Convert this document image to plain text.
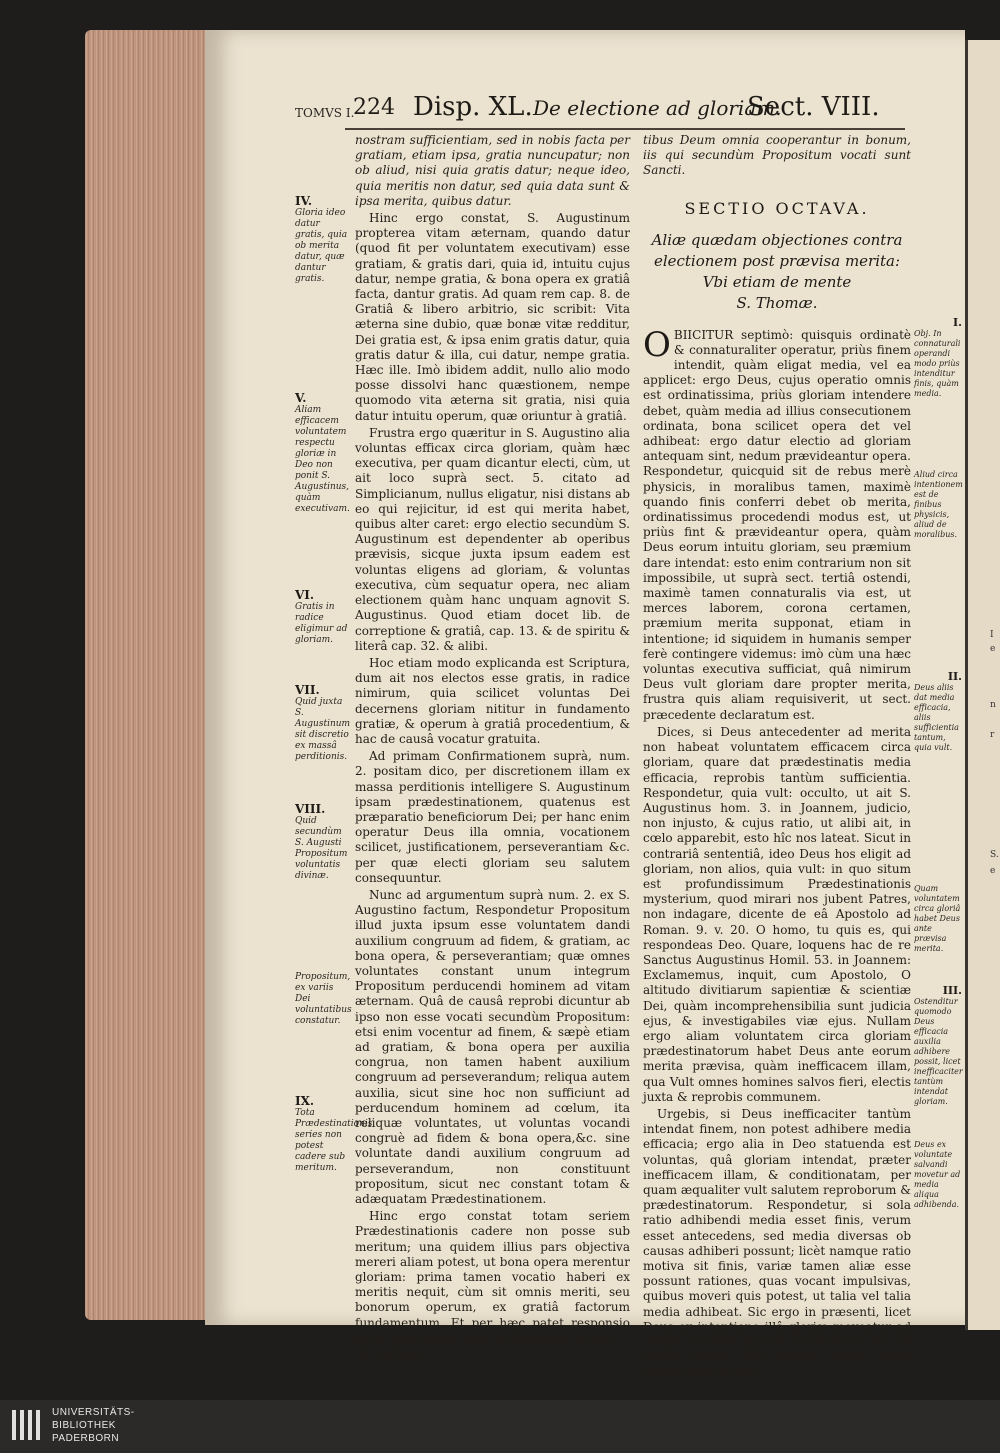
I
e
n
r
S.
e
TOMVS I.
224 Disp. XL. De electione ad gloriam.
Sect. VIII.
IV.
Gloria ideo datur gratis, quia ob merita datur, quæ dantur gratis.
V.
Aliam efficacem voluntatem respectu gloriæ in Deo non ponit S. Augustinus, quàm executivam.
VI.
Gratis in radice eligimur ad gloriam.
VII.
Quid juxta S. Augustinum sit discretio ex massâ perditionis.
VIII.
Quid secundùm S. Augusti Propositum voluntatis divinæ.
Propositum, ex variis Dei voluntatibus constatur.
IX.
Tota Prædestinationis series non potest cadere sub meritum.

nostram sufficientiam, sed in nobis facta per gratiam, etiam ipsa, gratia nuncupatur; non ob aliud, nisi quia gratis datur; neque ideo, quia meritis non datur, sed quia data sunt & ipsa merita, quibus datur.

Hinc ergo constat, S. Augustinum propterea vitam æternam, quando datur (quod fit per voluntatem executivam) esse gratiam, & gratis dari, quia id, intuitu cujus datur, nempe gratia, & bona opera ex gratiâ facta, dantur gratis. Ad quam rem cap. 8. de Gratiâ & libero arbitrio, sic scribit: Vita æterna sine dubio, quæ bonæ vitæ redditur, Dei gratia est, & ipsa enim gratis datur, quia gratis datur & illa, cui datur, nempe gratia. Hæc ille. Imò ibidem addit, nullo alio modo posse dissolvi hanc quæstionem, nempe quomodo vita æterna sit gratia, nisi quia datur intuitu operum, quæ oriuntur à gratiâ.

Frustra ergo quæritur in S. Augustino alia voluntas efficax circa gloriam, quàm hæc executiva, per quam dicantur electi, cùm, ut ait loco suprà sect. 5. citato ad Simplicianum, nullus eligatur, nisi distans ab eo qui rejicitur, id est qui merita habet, quibus alter caret: ergo electio secundùm S. Augustinum est dependenter ab operibus prævisis, sicque juxta ipsum eadem est voluntas eligens ad gloriam, & voluntas executiva, cùm sequatur opera, nec aliam electionem quàm hanc unquam agnovit S. Augustinus. Quod etiam docet lib. de correptione & gratiâ, cap. 13. & de spiritu & literâ cap. 32. & alibi.

Hoc etiam modo explicanda est Scriptura, dum ait nos electos esse gratis, in radice nimirum, quia scilicet voluntas Dei decernens gloriam nititur in fundamento gratiæ, & operum à gratiâ procedentium, & hac de causâ vocatur gratuita.

Ad primam Confirmationem suprà, num. 2. positam dico, per discretionem illam ex massa perditionis intelligere S. Augustinum ipsam prædestinationem, quatenus est præparatio beneficiorum Dei; per hanc enim operatur Deus illa omnia, vocationem scilicet, justificationem, perseverantiam &c. per quæ electi gloriam seu salutem consequuntur.

Nunc ad argumentum suprà num. 2. ex S. Augustino factum, Respondetur Propositum illud juxta ipsum esse voluntatem dandi auxilium congruum ad fidem, & gratiam, ac bona opera, & perseverantiam; quæ omnes voluntates constant unum integrum Propositum perducendi hominem ad vitam æternam. Quâ de causâ reprobi dicuntur ab ipso non esse vocati secundùm Propositum: etsi enim vocentur ad finem, & sæpè etiam ad gratiam, & bona opera per auxilia congrua, non tamen habent auxilium congruum ad perseverandum; reliqua autem auxilia, sicut sine hoc non sufficiunt ad perducendum hominem ad cœlum, ita reliquæ voluntates, ut voluntas vocandi congruè ad fidem & bona opera,&c. sine voluntate dandi auxilium congruum ad perseverandum, non constituunt propositum, sicut nec constant totam & adæquatam Prædestinationem.

Hinc ergo constat totam seriem Prædestinationis cadere non posse sub meritum; una quidem illius pars objectiva mereri aliam potest, ut bona opera merentur gloriam: prima tamen vocatio haberi ex meritis nequit, cùm sit omnis meriti, seu bonorum operum, ex gratiâ factorum fundamentum. Et per hæc patet responsio ad id quod objici solet ad Romanos octavo, v. 28. Diligen-

tibus Deum omnia cooperantur in bonum, iis qui secundùm Propositum vocati sunt Sancti.

SECTIO OCTAVA.
Aliæ quædam objectiones contra electionem post prævisa merita:
Vbi etiam de mente
S. Thomæ.

OBIICITUR septimò: quisquis ordinatè & connaturaliter operatur, priùs finem intendit, quàm eligat media, vel ea applicet: ergo Deus, cujus operatio omnis est ordinatissima, priùs gloriam intendere debet, quàm media ad illius consecutionem ordinata, bona scilicet opera det vel adhibeat: ergo datur electio ad gloriam antequam sint, nedum prævideantur opera. Respondetur, quicquid sit de rebus merè physicis, in moralibus tamen, maximè quando finis conferri debet ob merita, ordinatissimus procedendi modus est, ut priùs fint & prævideantur opera, quàm Deus eorum intuitu gloriam, seu præmium dare intendat: esto enim contrarium non sit impossibile, ut suprà sect. tertiâ ostendi, maximè tamen connaturalis via est, ut merces laborem, corona certamen, præmium merita supponat, etiam in intentione; id siquidem in humanis semper ferè contingere videmus: imò cùm una hæc voluntas executiva sufficiat, quâ nimirum Deus vult gloriam dare propter merita, frustra quis aliam requisiverit, ut sect. præcedente declaratum est.

Dices, si Deus antecedenter ad merita non habeat voluntatem efficacem circa gloriam, quare dat prædestinatis media efficacia, reprobis tantùm sufficientia. Respondetur, quia vult: occulto, ut ait S. Augustinus hom. 3. in Joannem, judicio, non injusto, & cujus ratio, ut alibi ait, in cœlo apparebit, esto hîc nos lateat. Sicut in contrariâ sententiâ, ideo Deus hos eligit ad gloriam, non alios, quia vult: in quo situm est profundissimum Prædestinationis mysterium, quod mirari nos jubent Patres, non indagare, dicente de eâ Apostolo ad Roman. 9. v. 20. O homo, tu quis es, qui respondeas Deo. Quare, loquens hac de re Sanctus Augustinus Homil. 53. in Joannem: Exclamemus, inquit, cum Apostolo, O altitudo divitiarum sapientiæ & scientiæ Dei, quàm incomprehensibilia sunt judicia ejus, & investigabiles viæ ejus. Nullam ergo aliam voluntatem circa gloriam prædestinatorum habet Deus ante eorum merita prævisa, quàm inefficacem illam, qua Vult omnes homines salvos fieri, electis juxta & reprobis communem.

Urgebis, si Deus inefficaciter tantùm intendat finem, non potest adhibere media efficacia; ergo alia in Deo statuenda est voluntas, quâ gloriam intendat, præter inefficacem illam, & conditionatam, per quam æqualiter vult salutem reproborum & prædestinatorum. Respondetur, si sola ratio adhibendi media esset finis, verum esset antecedens, sed media diversas ob causas adhiberi possunt; licèt namque ratio motiva sit finis, variæ tamen aliæ esse possunt rationes, quas vocant impulsivas, quibus moveri quis potest, ut talia vel talia media adhibeat. Sic ergo in præsenti, licet Deus ex intentione illâ gloriæ moveatur ad media, ut aiunt, quoad substantiam, seu ad aliqua media, vel auxilia danda, quod tamen hæc vel illa

I.
Obj. In connaturali operandi modo priùs intenditur finis, quàm media.
Aliud circa intentionem est de finibus physicis, aliud de moralibus.
II.
Deus aliis dat media efficacia, aliis sufficientia tantum, quia vult.
Quam voluntatem circa gloriâ habet Deus ante prævisa merita.
III.
Ostenditur quomodo Deus efficacia auxilia adhibere possit, licet inefficaciter tantùm intendat gloriam.
Deus ex voluntate salvandi movetur ad media aliqua adhibenda.
UNIVERSITÄTS-
BIBLIOTHEK
PADERBORN
